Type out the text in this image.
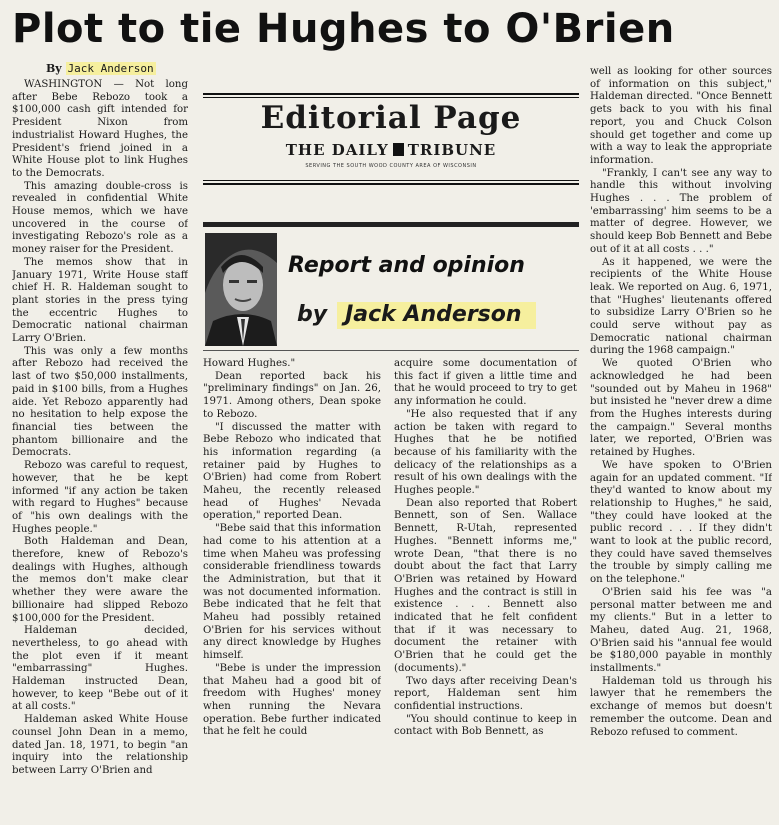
Plot to tie Hughes to O'Brien
By Jack Anderson

WASHINGTON — Not long after Bebe Rebozo took a $100,000 cash gift intended for President Nixon from industrialist Howard Hughes, the President's friend joined in a White House plot to link Hughes to the Democrats.

This amazing double-cross is revealed in confidential White House memos, which we have uncovered in the course of investigating Rebozo's role as a money raiser for the President.

The memos show that in January 1971, Write House staff chief H. R. Haldeman sought to plant stories in the press tying the eccentric Hughes to Democratic national chairman Larry O'Brien.

This was only a few months after Rebozo had received the last of two $50,000 installments, paid in $100 bills, from a Hughes aide. Yet Rebozo apparently had no hesitation to help expose the financial ties between the phantom billionaire and the Democrats.

Rebozo was careful to request, however, that he be kept informed "if any action be taken with regard to Hughes" because of "his own dealings with the Hughes people."

Both Haldeman and Dean, therefore, knew of Rebozo's dealings with Hughes, although the memos don't make clear whether they were aware the billionaire had slipped Rebozo $100,000 for the President.

Haldeman decided, nevertheless, to go ahead with the plot even if it meant "embarrassing" Hughes. Haldeman instructed Dean, however, to keep "Bebe out of it at all costs."

Haldeman asked White House counsel John Dean in a memo, dated Jan. 18, 1971, to begin "an inquiry into the relationship between Larry O'Brien and

Editorial Page
THE DAILY TRIBUNE
SERVING THE SOUTH WOOD COUNTY AREA OF WISCONSIN
Report and opinion
by Jack Anderson

Howard Hughes."

Dean reported back his "preliminary findings" on Jan. 26, 1971. Among others, Dean spoke to Rebozo.

"I discussed the matter with Bebe Rebozo who indicated that his information regarding (a retainer paid by Hughes to O'Brien) had come from Robert Maheu, the recently released head of Hughes' Nevada operation," reported Dean.

"Bebe said that this information had come to his attention at a time when Maheu was professing considerable friendliness towards the Administration, but that it was not documented information. Bebe indicated that he felt that Maheu had possibly retained O'Brien for his services without any direct knowledge by Hughes himself.

"Bebe is under the impression that Maheu had a good bit of freedom with Hughes' money when running the Nevara operation. Bebe further indicated that he felt he could

acquire some documentation of this fact if given a little time and that he would proceed to try to get any information he could.

"He also requested that if any action be taken with regard to Hughes that he be notified because of his familiarity with the delicacy of the relationships as a result of his own dealings with the Hughes people."

Dean also reported that Robert Bennett, son of Sen. Wallace Bennett, R-Utah, represented Hughes. "Bennett informs me," wrote Dean, "that there is no doubt about the fact that Larry O'Brien was retained by Howard Hughes and the contract is still in existence . . . Bennett also indicated that he felt confident that if it was necessary to document the retainer with O'Brien that he could get the (documents)."

Two days after receiving Dean's report, Haldeman sent him confidential instructions.

"You should continue to keep in contact with Bob Bennett, as

well as looking for other sources of information on this subject," Haldeman directed. "Once Bennett gets back to you with his final report, you and Chuck Colson should get together and come up with a way to leak the appropriate information.

"Frankly, I can't see any way to handle this without involving Hughes . . . The problem of 'embarrassing' him seems to be a matter of degree. However, we should keep Bob Bennett and Bebe out of it at all costs . . ."

As it happened, we were the recipients of the White House leak. We reported on Aug. 6, 1971, that "Hughes' lieutenants offered to subsidize Larry O'Brien so he could serve without pay as Democratic national chairman during the 1968 campaign."

We quoted O'Brien who acknowledged he had been "sounded out by Maheu in 1968" but insisted he "never drew a dime from the Hughes interests during the campaign." Several months later, we reported, O'Brien was retained by Hughes.

We have spoken to O'Brien again for an updated comment. "If they'd wanted to know about my relationship to Hughes," he said, "they could have looked at the public record . . . If they didn't want to look at the public record, they could have saved themselves the trouble by simply calling me on the telephone."

O'Brien said his fee was "a personal matter between me and my clients." But in a letter to Maheu, dated Aug. 21, 1968, O'Brien said his "annual fee would be $180,000 payable in monthly installments."

Haldeman told us through his lawyer that he remembers the exchange of memos but doesn't remember the outcome. Dean and Rebozo refused to comment.
